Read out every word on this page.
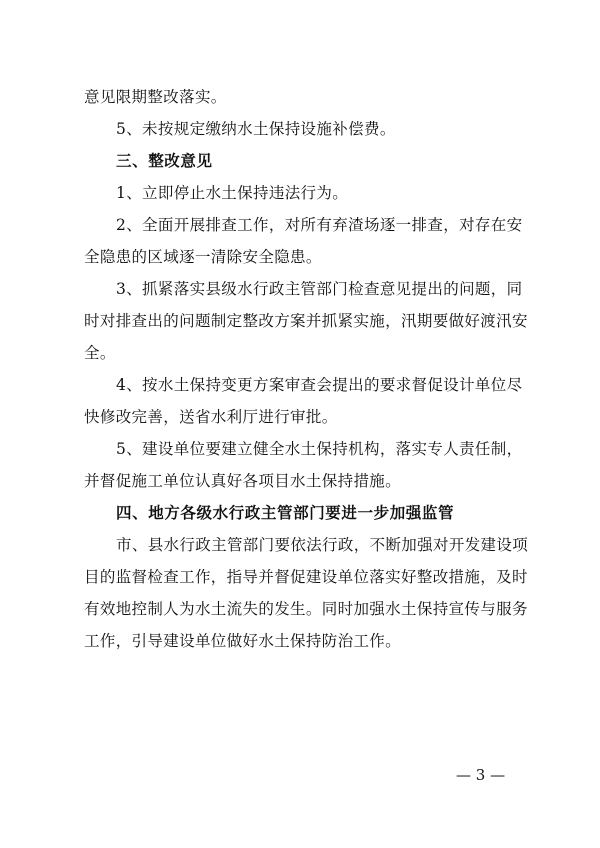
意见限期整改落实。
5、未按规定缴纳水土保持设施补偿费。
三、整改意见
1、立即停止水土保持违法行为。
2、全面开展排查工作，对所有弃渣场逐一排查，对存在安
全隐患的区域逐一清除安全隐患。
3、抓紧落实县级水行政主管部门检查意见提出的问题，同
时对排查出的问题制定整改方案并抓紧实施，汛期要做好渡汛安
全。
4、按水土保持变更方案审查会提出的要求督促设计单位尽
快修改完善，送省水利厅进行审批。
5、建设单位要建立健全水土保持机构，落实专人责任制，
并督促施工单位认真好各项目水土保持措施。
四、地方各级水行政主管部门要进一步加强监管
市、县水行政主管部门要依法行政，不断加强对开发建设项
目的监督检查工作，指导并督促建设单位落实好整改措施，及时
有效地控制人为水土流失的发生。同时加强水土保持宣传与服务
工作，引导建设单位做好水土保持防治工作。
— 3 —
